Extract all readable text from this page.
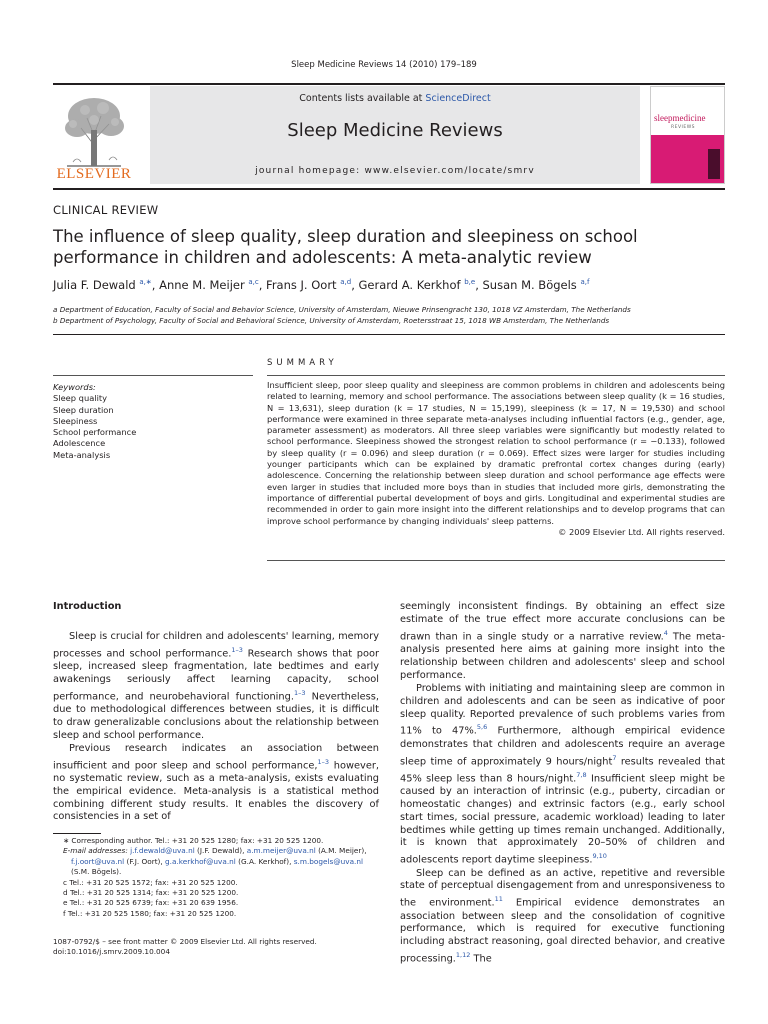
Sleep Medicine Reviews 14 (2010) 179–189
ELSEVIER
Contents lists available at ScienceDirect
Sleep Medicine Reviews
journal homepage: www.elsevier.com/locate/smrv
sleepmedicine
REVIEWS
CLINICAL REVIEW
The influence of sleep quality, sleep duration and sleepiness on school performance in children and adolescents: A meta-analytic review
Julia F. Dewald $^{a,∗}$, Anne M. Meijer $^{a,c}$, Frans J. Oort $^{a,d}$, Gerard A. Kerkhof $^{b,e}$, Susan M. Bögels $^{a,f}$
a Department of Education, Faculty of Social and Behavior Science, University of Amsterdam, Nieuwe Prinsengracht 130, 1018 VZ Amsterdam, The Netherlands
b Department of Psychology, Faculty of Social and Behavioral Science, University of Amsterdam, Roetersstraat 15, 1018 WB Amsterdam, The Netherlands
SUMMARY
Keywords:
Sleep quality
Sleep duration
Sleepiness
School performance
Adolescence
Meta-analysis
Insufficient sleep, poor sleep quality and sleepiness are common problems in children and adolescents being related to learning, memory and school performance. The associations between sleep quality (k = 16 studies, N = 13,631), sleep duration (k = 17 studies, N = 15,199), sleepiness (k = 17, N = 19,530) and school performance were examined in three separate meta-analyses including influential factors (e.g., gender, age, parameter assessment) as moderators. All three sleep variables were significantly but modestly related to school performance. Sleepiness showed the strongest relation to school performance (r = −0.133), followed by sleep quality (r = 0.096) and sleep duration (r = 0.069). Effect sizes were larger for studies including younger participants which can be explained by dramatic prefrontal cortex changes during (early) adolescence. Concerning the relationship between sleep duration and school performance age effects were even larger in studies that included more boys than in studies that included more girls, demonstrating the importance of differential pubertal development of boys and girls. Longitudinal and experimental studies are recommended in order to gain more insight into the different relationships and to develop programs that can improve school performance by changing individuals' sleep patterns.
© 2009 Elsevier Ltd. All rights reserved.

Introduction

Sleep is crucial for children and adolescents' learning, memory processes and school performance.$^{1-3}$ Research shows that poor sleep, increased sleep fragmentation, late bedtimes and early awakenings seriously affect learning capacity, school performance, and neurobehavioral functioning.$^{1-3}$ Nevertheless, due to methodological differences between studies, it is difficult to draw generalizable conclusions about the relationship between sleep and school performance.

Previous research indicates an association between insufficient and poor sleep and school performance,$^{1-3}$ however, no systematic review, such as a meta-analysis, exists evaluating the empirical evidence. Meta-analysis is a statistical method combining different study results. It enables the discovery of consistencies in a set of

seemingly inconsistent findings. By obtaining an effect size estimate of the true effect more accurate conclusions can be drawn than in a single study or a narrative review.$^4$ The meta-analysis presented here aims at gaining more insight into the relationship between children and adolescents' sleep and school performance.

Problems with initiating and maintaining sleep are common in children and adolescents and can be seen as indicative of poor sleep quality. Reported prevalence of such problems varies from 11% to 47%.$^{5,6}$ Furthermore, although empirical evidence demonstrates that children and adolescents require an average sleep time of approximately 9 hours/night$^7$ results revealed that 45% sleep less than 8 hours/night.$^{7,8}$ Insufficient sleep might be caused by an interaction of intrinsic (e.g., puberty, circadian or homeostatic changes) and extrinsic factors (e.g., early school start times, social pressure, academic workload) leading to later bedtimes while getting up times remain unchanged. Additionally, it is known that approximately 20–50% of children and adolescents report daytime sleepiness.$^{9,10}$

Sleep can be defined as an active, repetitive and reversible state of perceptual disengagement from and unresponsiveness to the environment.$^{11}$ Empirical evidence demonstrates an association between sleep and the consolidation of cognitive performance, which is required for executive functioning including abstract reasoning, goal directed behavior, and creative processing.$^{1,12}$ The

∗ Corresponding author. Tel.: +31 20 525 1280; fax: +31 20 525 1200.
E-mail addresses: j.f.dewald@uva.nl (J.F. Dewald), a.m.meijer@uva.nl (A.M. Meijer), f.j.oort@uva.nl (F.J. Oort), g.a.kerkhof@uva.nl (G.A. Kerkhof), s.m.bogels@uva.nl (S.M. Bögels).
c Tel.: +31 20 525 1572; fax: +31 20 525 1200.
d Tel.: +31 20 525 1314; fax: +31 20 525 1200.
e Tel.: +31 20 525 6739; fax: +31 20 639 1956.
f Tel.: +31 20 525 1580; fax: +31 20 525 1200.
1087-0792/$ – see front matter © 2009 Elsevier Ltd. All rights reserved.
doi:10.1016/j.smrv.2009.10.004
